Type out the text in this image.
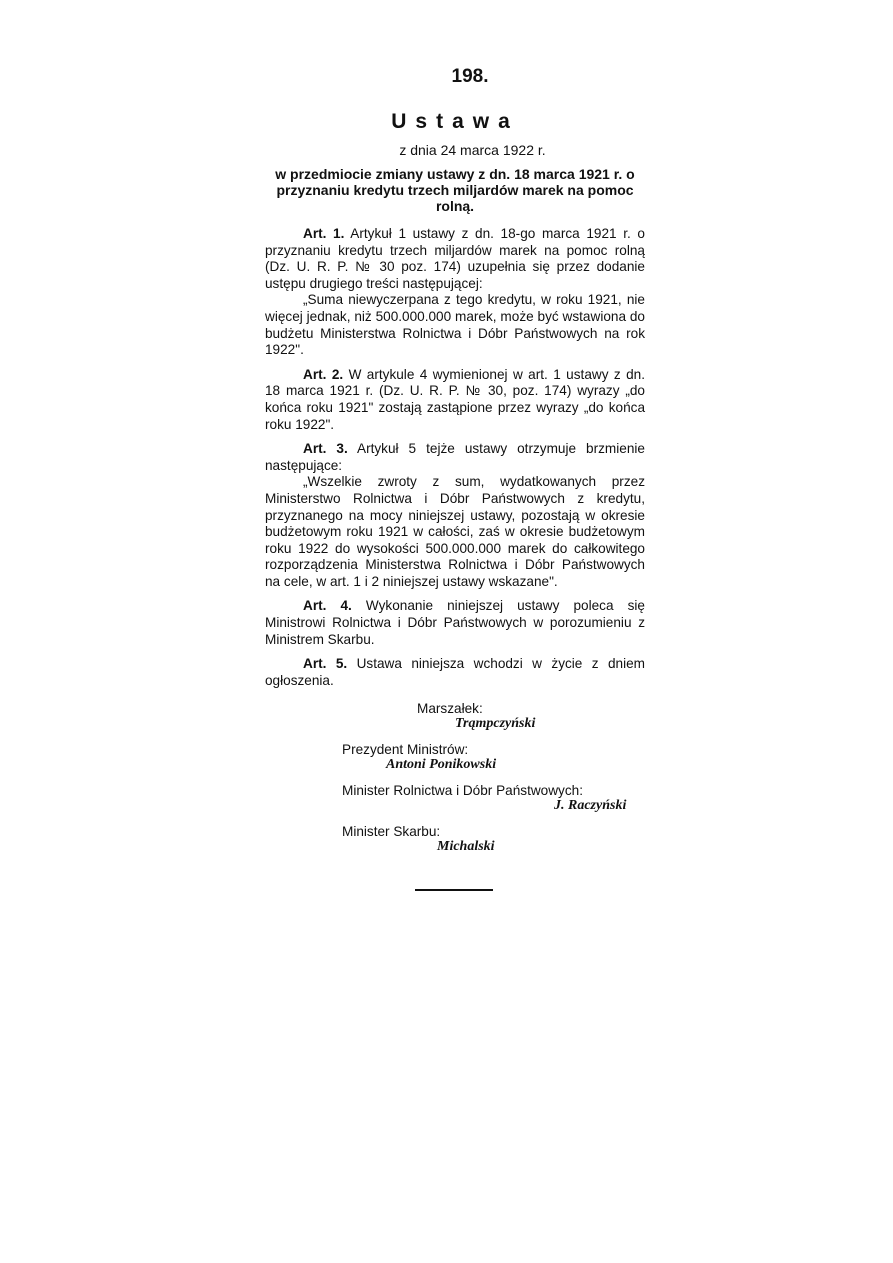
198.
Ustawa
z dnia 24 marca 1922 r.
w przedmiocie zmiany ustawy z dn. 18 marca 1921 r. o przyznaniu kredytu trzech miljardów marek na pomoc rolną.

Art. 1. Artykuł 1 ustawy z dn. 18-go marca 1921 r. o przyznaniu kredytu trzech miljardów marek na pomoc rolną (Dz. U. R. P. № 30 poz. 174) uzupełnia się przez dodanie ustępu drugiego treści następującej:

„Suma niewyczerpana z tego kredytu, w roku 1921, nie więcej jednak, niż 500.000.000 marek, może być wstawiona do budżetu Ministerstwa Rolnictwa i Dóbr Państwowych na rok 1922".

Art. 2. W artykule 4 wymienionej w art. 1 ustawy z dn. 18 marca 1921 r. (Dz. U. R. P. № 30, poz. 174) wyrazy „do końca roku 1921" zostają zastąpione przez wyrazy „do końca roku 1922".

Art. 3. Artykuł 5 tejże ustawy otrzymuje brzmienie następujące:

„Wszelkie zwroty z sum, wydatkowanych przez Ministerstwo Rolnictwa i Dóbr Państwowych z kredytu, przyznanego na mocy niniejszej ustawy, pozostają w okresie budżetowym roku 1921 w całości, zaś w okresie budżetowym roku 1922 do wysokości 500.000.000 marek do całkowitego rozporządzenia Ministerstwa Rolnictwa i Dóbr Państwowych na cele, w art. 1 i 2 niniejszej ustawy wskazane".

Art. 4. Wykonanie niniejszej ustawy poleca się Ministrowi Rolnictwa i Dóbr Państwowych w porozumieniu z Ministrem Skarbu.

Art. 5. Ustawa niniejsza wchodzi w życie z dniem ogłoszenia.

Marszałek:
Trąmpczyński
Prezydent Ministrów:
Antoni Ponikowski
Minister Rolnictwa i Dóbr Państwowych:
J. Raczyński
Minister Skarbu:
Michalski
